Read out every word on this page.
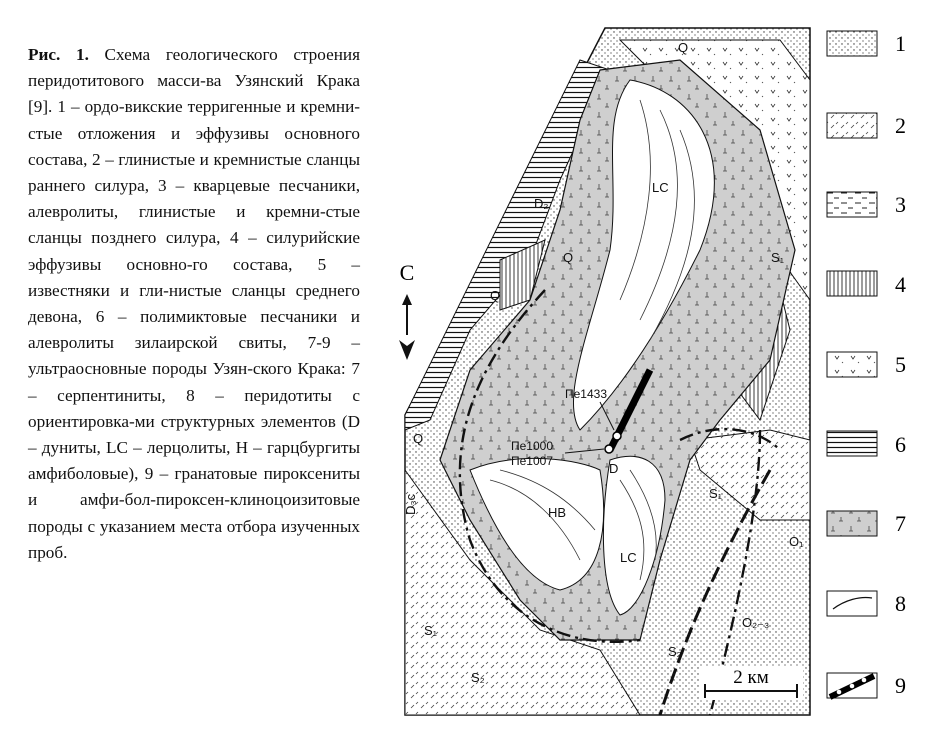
Рис. 1. Схема геологического строения перидотитового масси-ва Узянский Крака [9]. 1 – ордо-викские терригенные и кремни-стые отложения и эффузивы основного состава, 2 – глинистые и кремнистые сланцы раннего силура, 3 – кварцевые песчаники, алевролиты, глинистые и кремни-стые сланцы позднего силура, 4 – силурийские эффузивы основно-го состава, 5 – известняки и гли-нистые сланцы среднего девона, 6 – полимиктовые песчаники и алевролиты зилаирской свиты, 7-9 – ультраосновные породы Узян-ского Крака: 7 – серпентиниты, 8 – перидотиты с ориентировка-ми структурных элементов (D – дуниты, LC – лерцолиты, H – гарцбургиты амфиболовые), 9 – гранатовые пироксениты и амфи-бол-пироксен-клиноцоизитовые породы с указанием места отбора изученных проб.
Q
Q
Q
Q
D₂
D₃c
S₁
S₁
S₁
S₂
S₂
O₁
O₂₋₃
LC
LC
HB
D
Пе1433
Пе1000
Пе1007
С
2 км
1
2
3
4
5
6
7
8
9
